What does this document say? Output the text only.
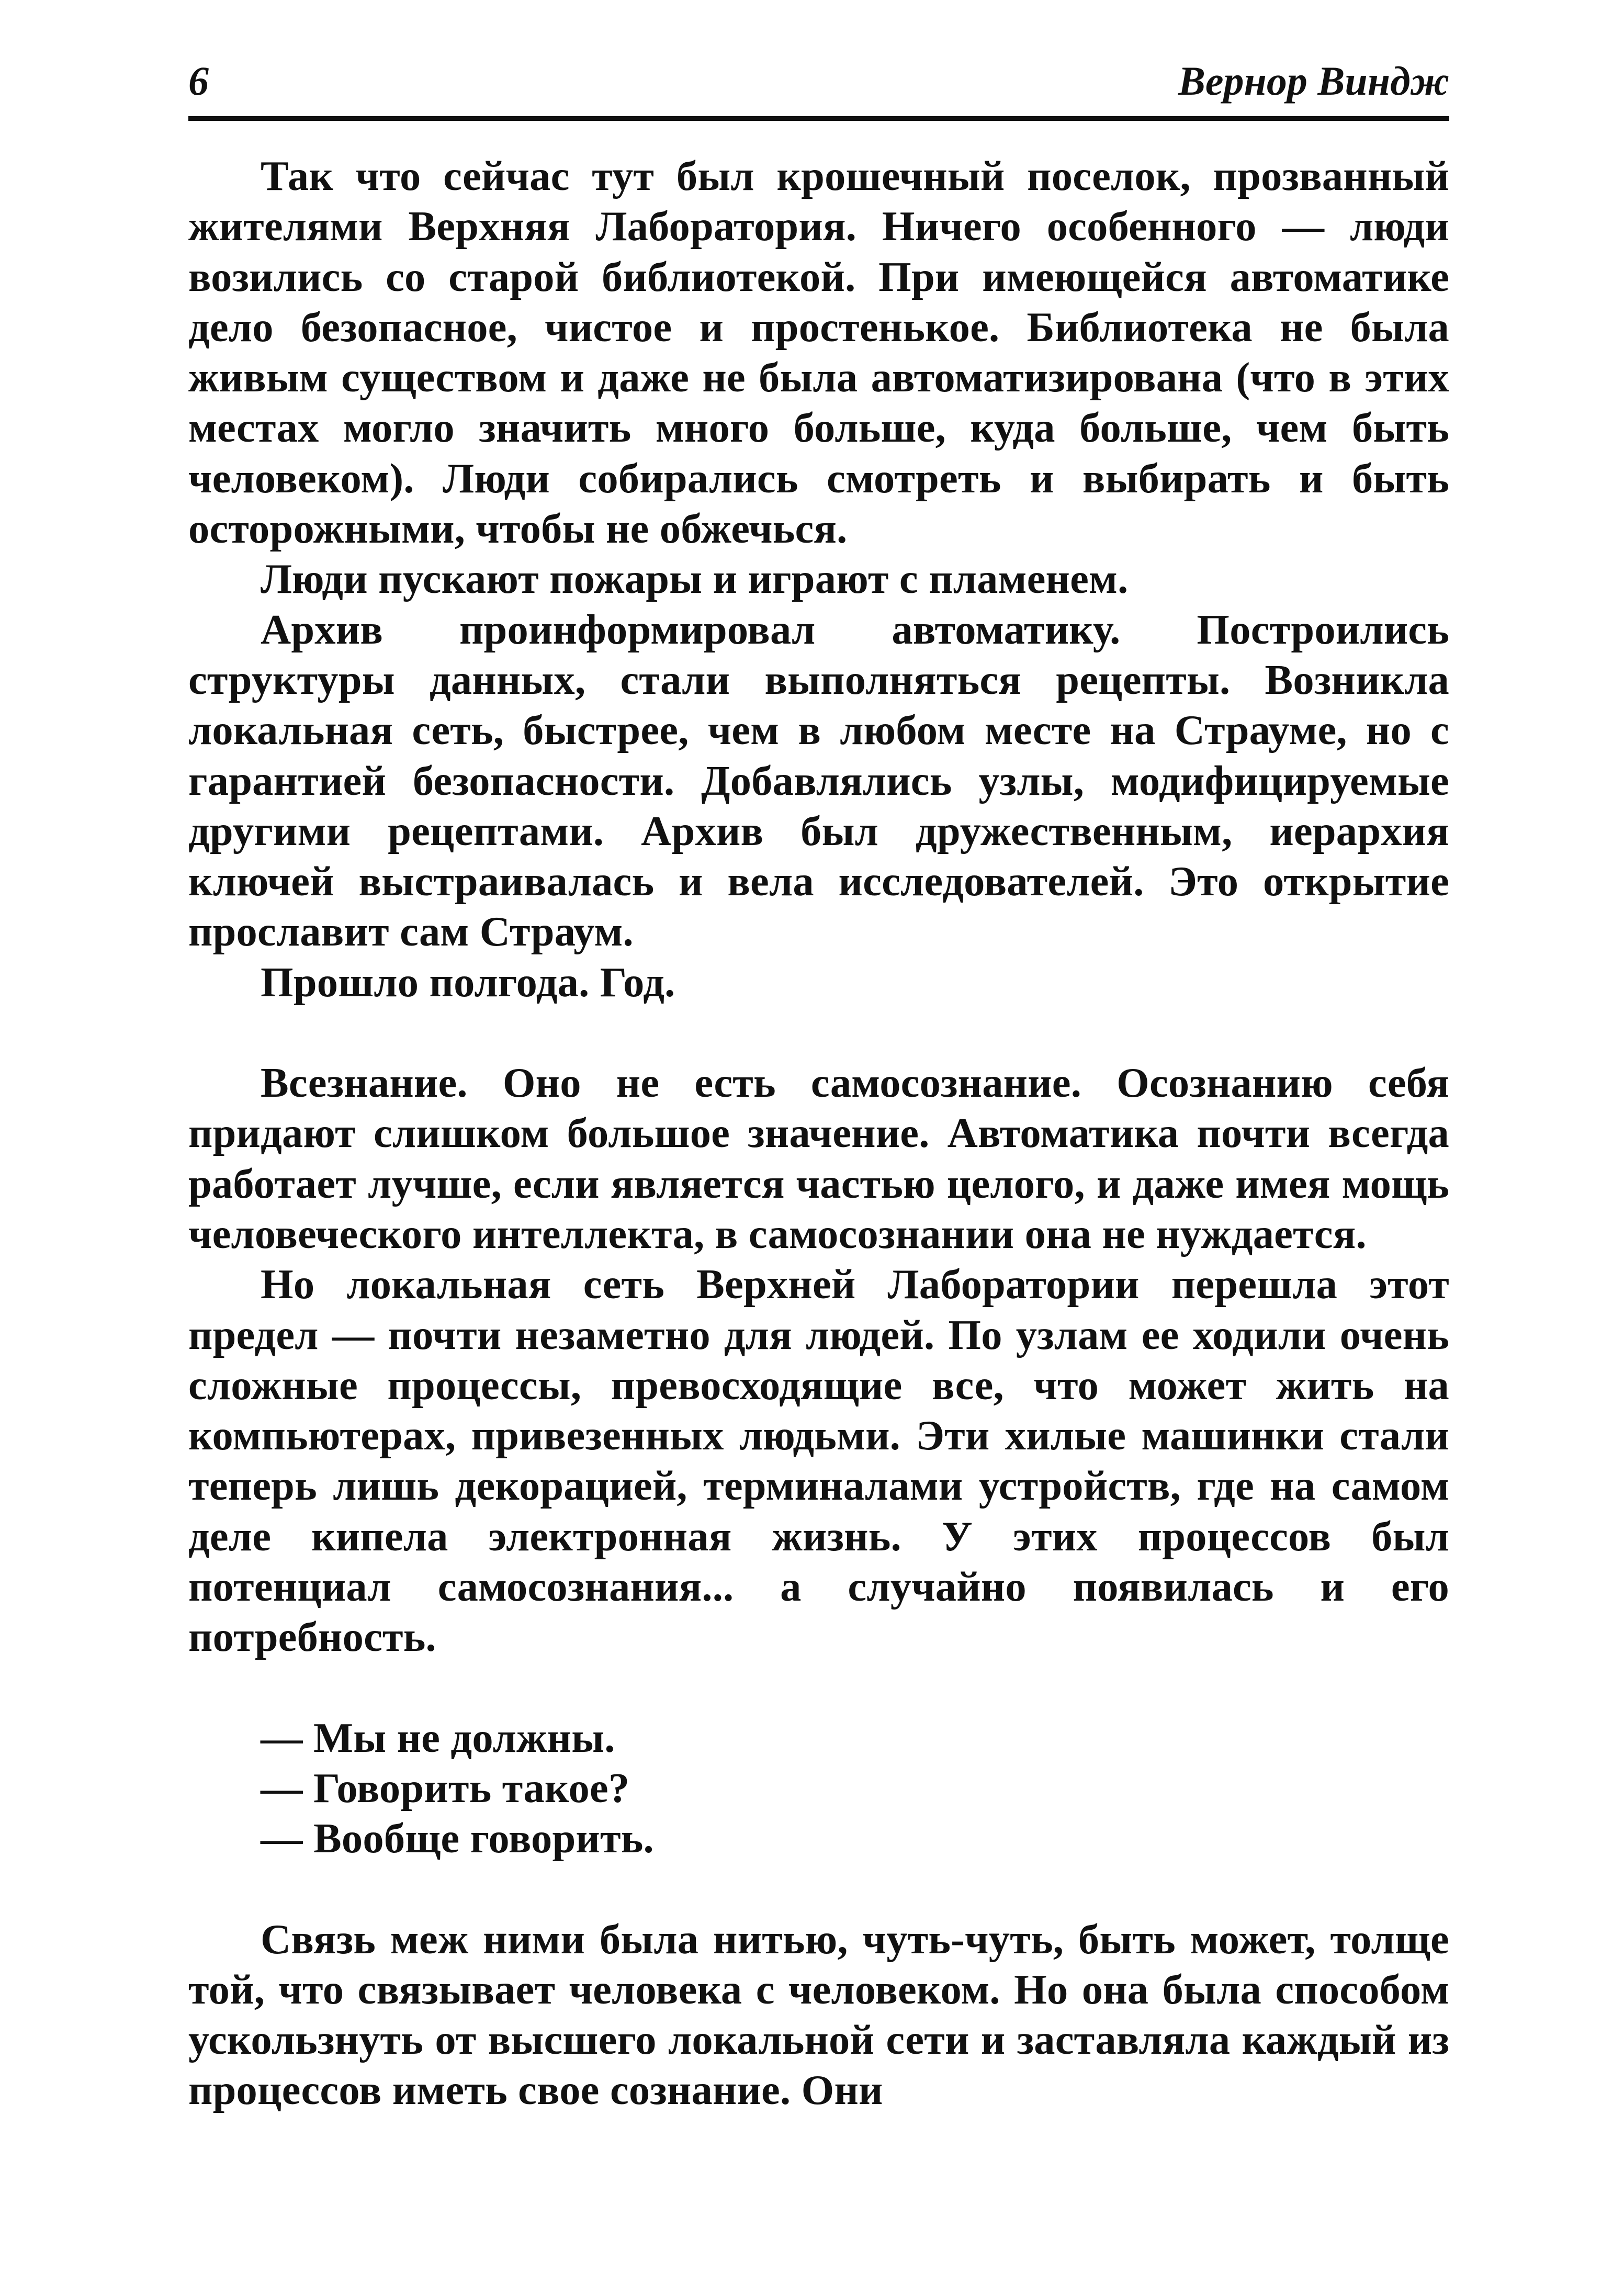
6	Вернор Виндж

Так что сейчас тут был крошечный поселок, прозванный жителями Верхняя Лаборатория. Ничего особенного — люди возились со старой библиотекой. При имеющейся автоматике дело безопасное, чистое и простенькое. Библиотека не была живым существом и даже не была автоматизирована (что в этих местах могло значить много больше, куда больше, чем быть человеком). Люди собирались смотреть и выбирать и быть осторожными, чтобы не обжечься.

Люди пускают пожары и играют с пламенем.

Архив проинформировал автоматику. Построились структуры данных, стали выполняться рецепты. Возникла локальная сеть, быстрее, чем в любом месте на Страуме, но с гарантией безопасности. Добавлялись узлы, модифицируемые другими рецептами. Архив был дружественным, иерархия ключей выстраивалась и вела исследователей. Это открытие прославит сам Страум.

Прошло полгода. Год.

Всезнание. Оно не есть самосознание. Осознанию себя придают слишком большое значение. Автоматика почти всегда работает лучше, если является частью целого, и даже имея мощь человеческого интеллекта, в самосознании она не нуждается.

Но локальная сеть Верхней Лаборатории перешла этот предел — почти незаметно для людей. По узлам ее ходили очень сложные процессы, превосходящие все, что может жить на компьютерах, привезенных людьми. Эти хилые машинки стали теперь лишь декорацией, терминалами устройств, где на самом деле кипела электронная жизнь. У этих процессов был потенциал самосознания... а случайно появилась и его потребность.

— Мы не должны.

— Говорить такое?

— Вообще говорить.

Связь меж ними была нитью, чуть-чуть, быть может, толще той, что связывает человека с человеком. Но она была способом ускользнуть от высшего локальной сети и заставляла каждый из процессов иметь свое сознание. Они
